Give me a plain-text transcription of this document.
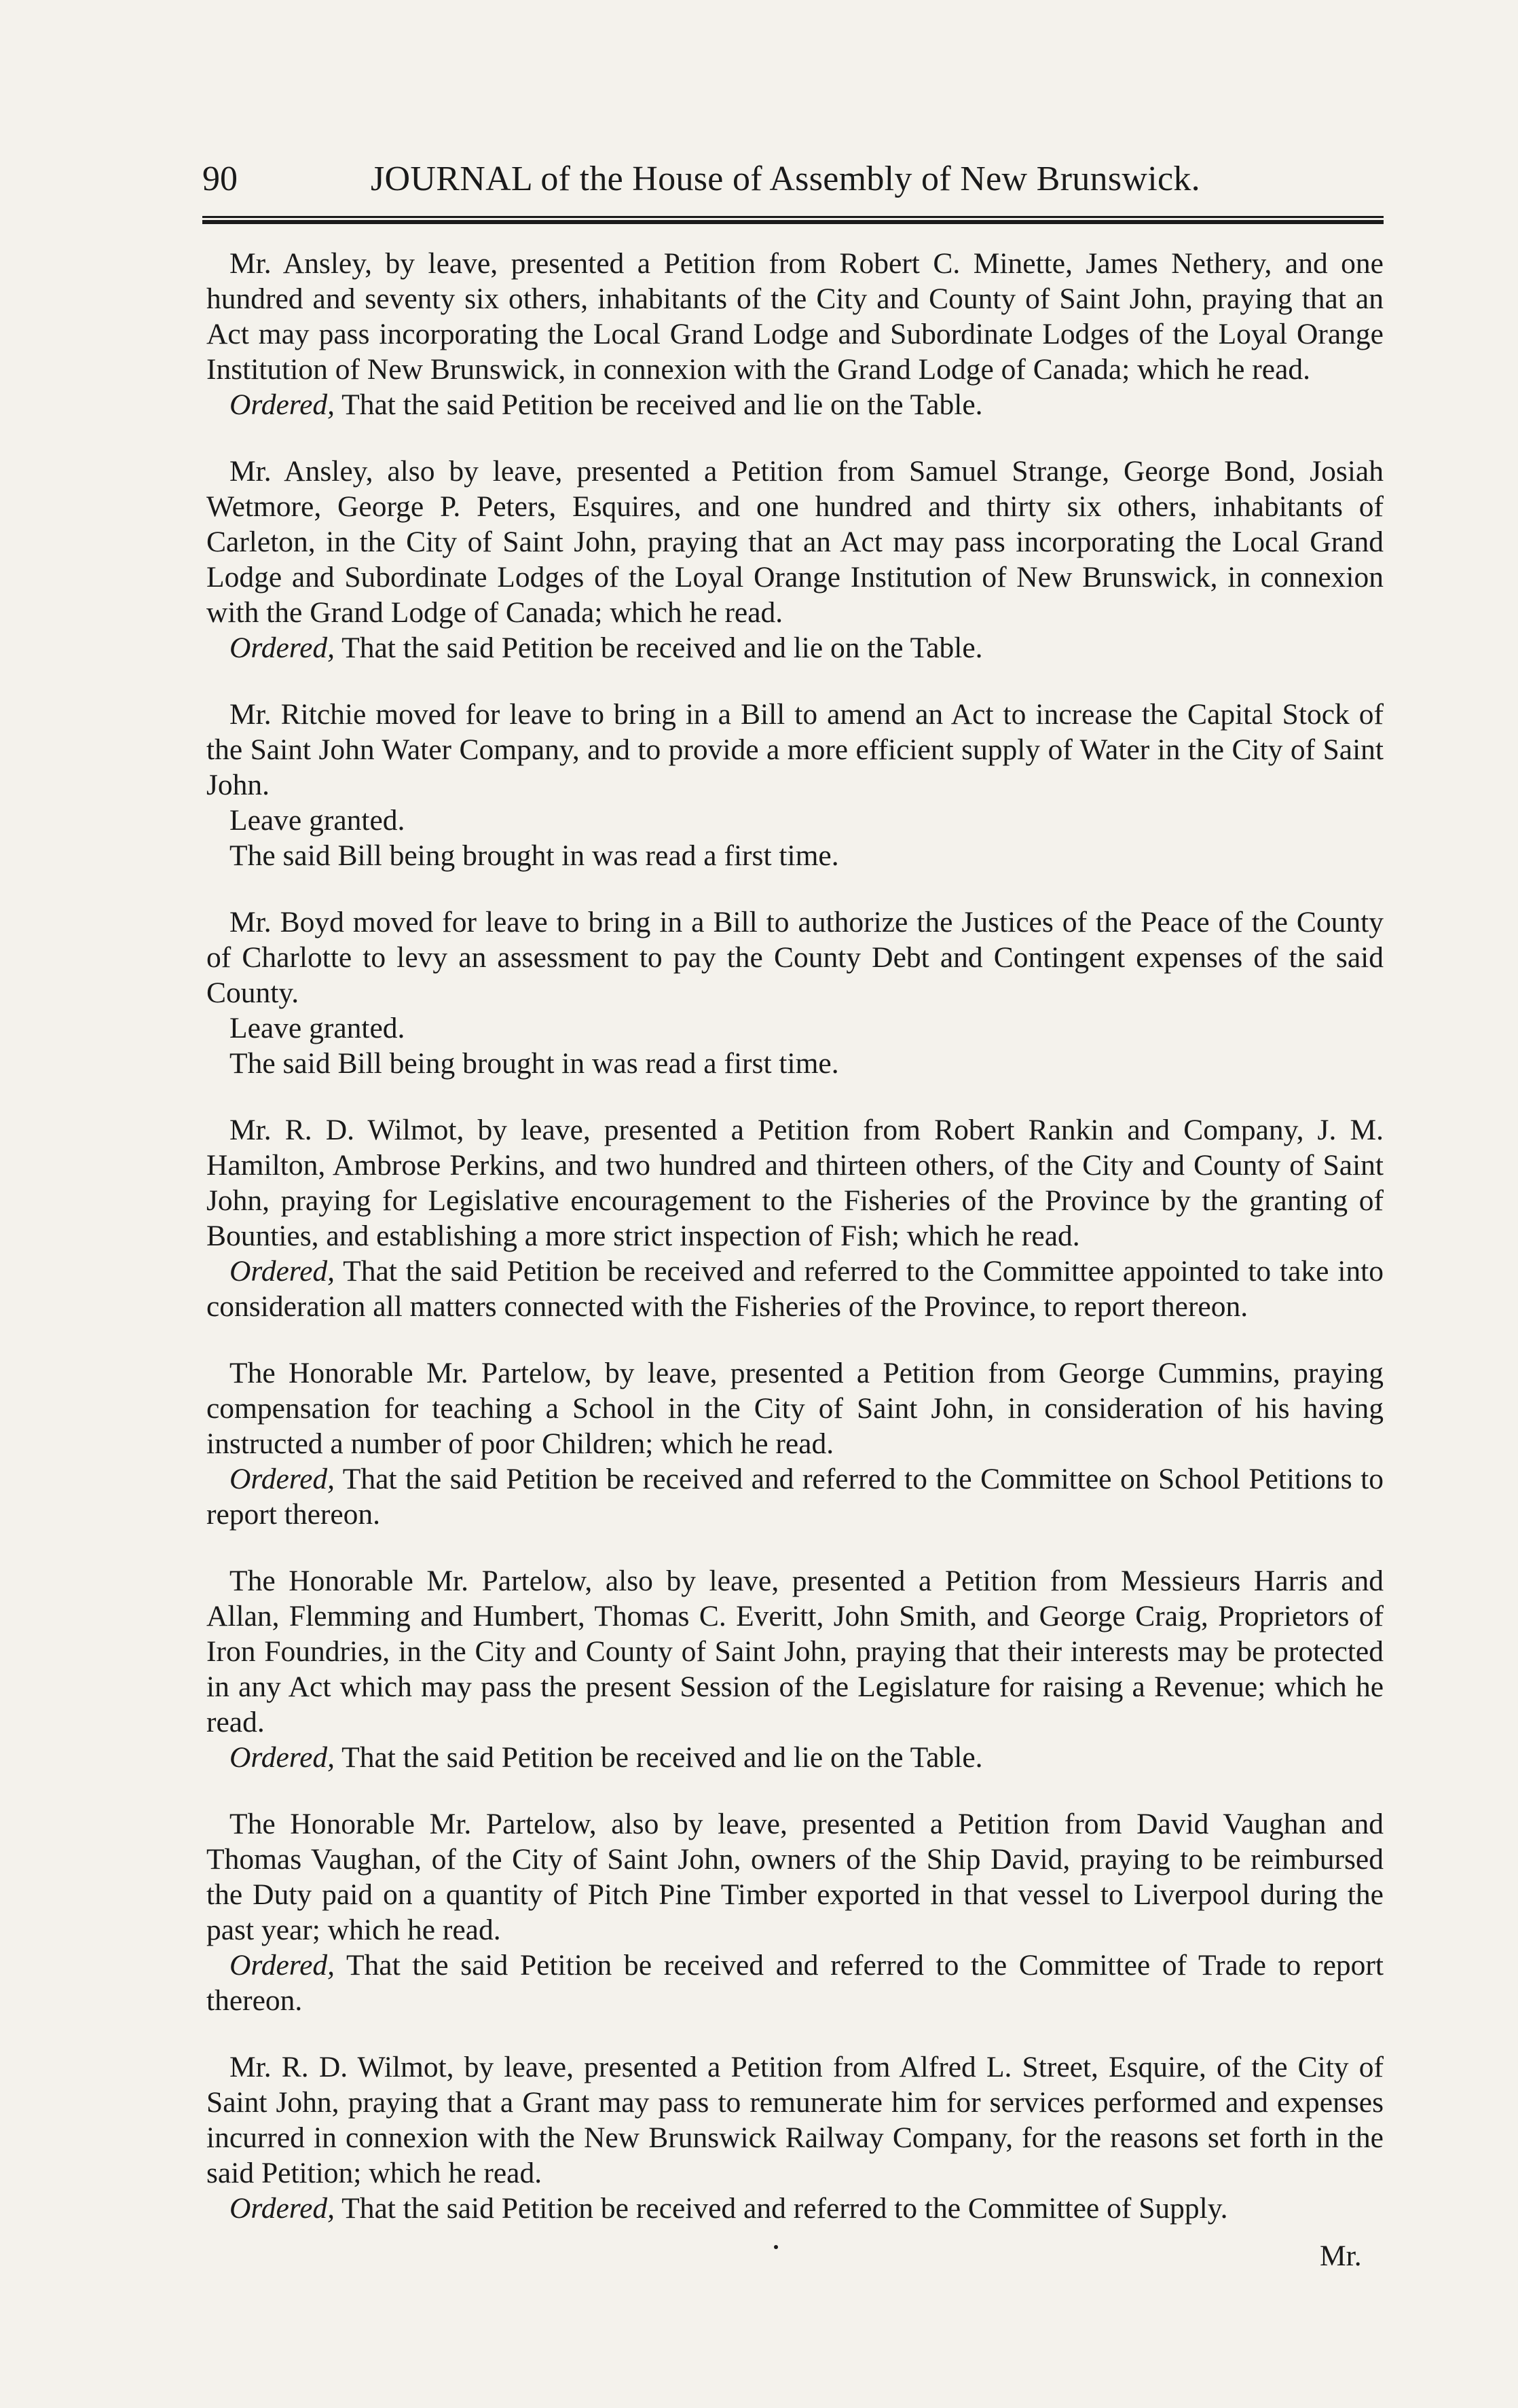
90	JOURNAL of the House of Assembly of New Brunswick.

Mr. Ansley, by leave, presented a Petition from Robert C. Minette, James Nethery, and one hundred and seventy six others, inhabitants of the City and County of Saint John, praying that an Act may pass incorporating the Local Grand Lodge and Subordinate Lodges of the Loyal Orange Institution of New Brunswick, in connexion with the Grand Lodge of Canada; which he read.

Ordered, That the said Petition be received and lie on the Table.

Mr. Ansley, also by leave, presented a Petition from Samuel Strange, George Bond, Josiah Wetmore, George P. Peters, Esquires, and one hundred and thirty six others, inhabitants of Carleton, in the City of Saint John, praying that an Act may pass incorporating the Local Grand Lodge and Subordinate Lodges of the Loyal Orange Institution of New Brunswick, in connexion with the Grand Lodge of Canada; which he read.

Ordered, That the said Petition be received and lie on the Table.

Mr. Ritchie moved for leave to bring in a Bill to amend an Act to increase the Capital Stock of the Saint John Water Company, and to provide a more efficient supply of Water in the City of Saint John.

Leave granted.

The said Bill being brought in was read a first time.

Mr. Boyd moved for leave to bring in a Bill to authorize the Justices of the Peace of the County of Charlotte to levy an assessment to pay the County Debt and Contingent expenses of the said County.

Leave granted.

The said Bill being brought in was read a first time.

Mr. R. D. Wilmot, by leave, presented a Petition from Robert Rankin and Company, J. M. Hamilton, Ambrose Perkins, and two hundred and thirteen others, of the City and County of Saint John, praying for Legislative encouragement to the Fisheries of the Province by the granting of Bounties, and establishing a more strict inspection of Fish; which he read.

Ordered, That the said Petition be received and referred to the Committee appointed to take into consideration all matters connected with the Fisheries of the Province, to report thereon.

The Honorable Mr. Partelow, by leave, presented a Petition from George Cummins, praying compensation for teaching a School in the City of Saint John, in consideration of his having instructed a number of poor Children; which he read.

Ordered, That the said Petition be received and referred to the Committee on School Petitions to report thereon.

The Honorable Mr. Partelow, also by leave, presented a Petition from Messieurs Harris and Allan, Flemming and Humbert, Thomas C. Everitt, John Smith, and George Craig, Proprietors of Iron Foundries, in the City and County of Saint John, praying that their interests may be protected in any Act which may pass the present Session of the Legislature for raising a Revenue; which he read.

Ordered, That the said Petition be received and lie on the Table.

The Honorable Mr. Partelow, also by leave, presented a Petition from David Vaughan and Thomas Vaughan, of the City of Saint John, owners of the Ship David, praying to be reimbursed the Duty paid on a quantity of Pitch Pine Timber exported in that vessel to Liverpool during the past year; which he read.

Ordered, That the said Petition be received and referred to the Committee of Trade to report thereon.

Mr. R. D. Wilmot, by leave, presented a Petition from Alfred L. Street, Esquire, of the City of Saint John, praying that a Grant may pass to remunerate him for services performed and expenses incurred in connexion with the New Brunswick Railway Company, for the reasons set forth in the said Petition; which he read.

Ordered, That the said Petition be received and referred to the Committee of Supply.

Mr.
